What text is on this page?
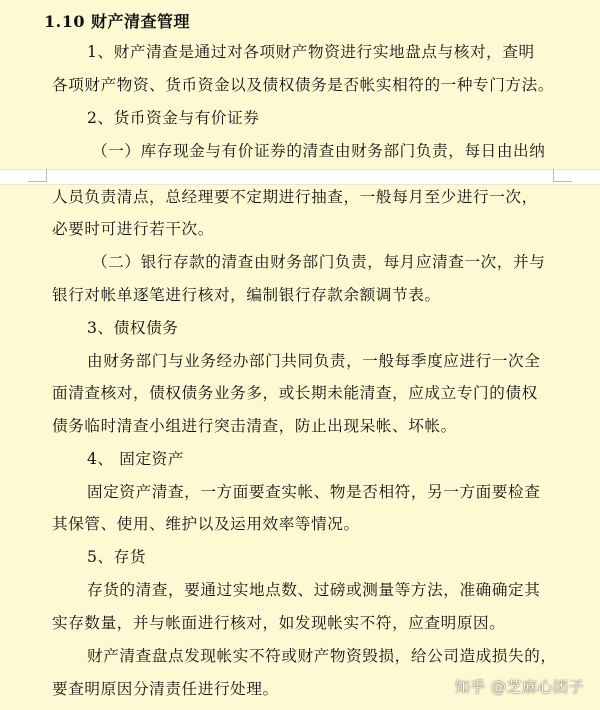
1.10 财产清查管理
1、财产清查是通过对各项财产物资进行实地盘点与核对，查明
各项财产物资、货币资金以及债权债务是否帐实相符的一种专门方法。
2、货币资金与有价证券
（一）库存现金与有价证券的清查由财务部门负责，每日由出纳
人员负责清点，总经理要不定期进行抽查，一般每月至少进行一次，
必要时可进行若干次。
（二）银行存款的清查由财务部门负责，每月应清查一次，并与
银行对帐单逐笔进行核对，编制银行存款余额调节表。
3、债权债务
由财务部门与业务经办部门共同负责，一般每季度应进行一次全
面清查核对，债权债务业务多，或长期未能清查，应成立专门的债权
债务临时清查小组进行突击清查，防止出现呆帐、坏帐。
4、 固定资产
固定资产清查，一方面要查实帐、物是否相符，另一方面要检查
其保管、使用、维护以及运用效率等情况。
5、存货
存货的清查，要通过实地点数、过磅或测量等方法，准确确定其
实存数量，并与帐面进行核对，如发现帐实不符，应查明原因。
财产清查盘点发现帐实不符或财产物资毁损，给公司造成损失的，
要查明原因分清责任进行处理。	知乎 @芝麻心团子
